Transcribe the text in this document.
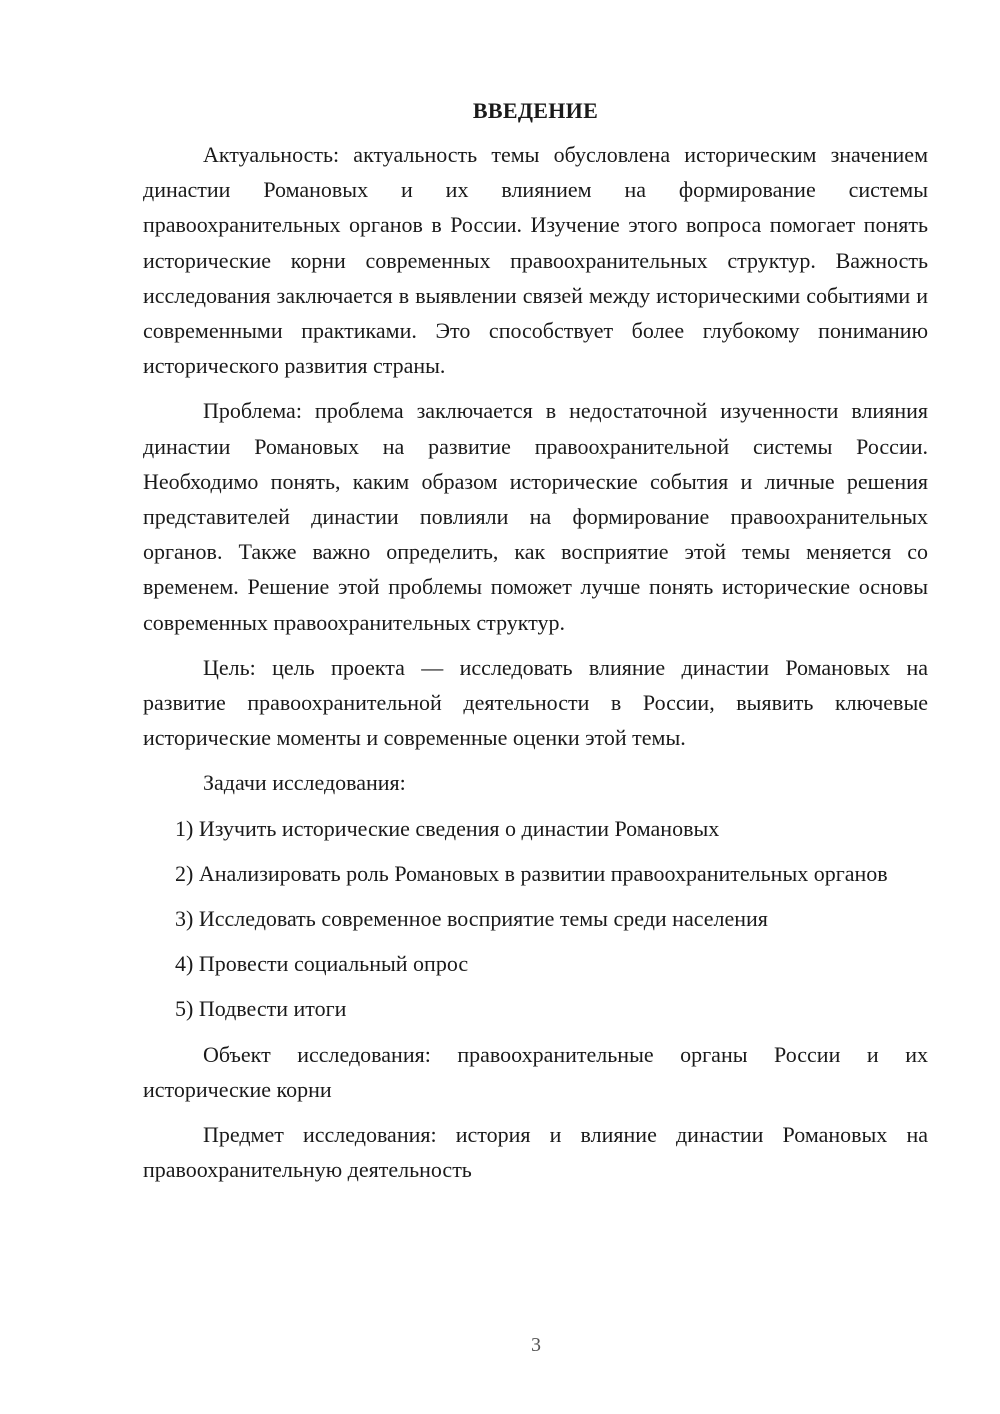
ВВЕДЕНИЕ

Актуальность: актуальность темы обусловлена историческим значением династии Романовых и их влиянием на формирование системы правоохранительных органов в России. Изучение этого вопроса помогает понять исторические корни современных правоохранительных структур. Важность исследования заключается в выявлении связей между историческими событиями и современными практиками. Это способствует более глубокому пониманию исторического развития страны.

Проблема: проблема заключается в недостаточной изученности влияния династии Романовых на развитие правоохранительной системы России. Необходимо понять, каким образом исторические события и личные решения представителей династии повлияли на формирование правоохранительных органов. Также важно определить, как восприятие этой темы меняется со временем. Решение этой проблемы поможет лучше понять исторические основы современных правоохранительных структур.

Цель: цель проекта — исследовать влияние династии Романовых на развитие правоохранительной деятельности в России, выявить ключевые исторические моменты и современные оценки этой темы.

Задачи исследования:

1) Изучить исторические сведения о династии Романовых

2) Анализировать роль Романовых в развитии правоохранительных органов

3) Исследовать современное восприятие темы среди населения

4) Провести социальный опрос

5) Подвести итоги

Объект исследования: правоохранительные органы России и их исторические корни

Предмет исследования: история и влияние династии Романовых на правоохранительную деятельность

3
